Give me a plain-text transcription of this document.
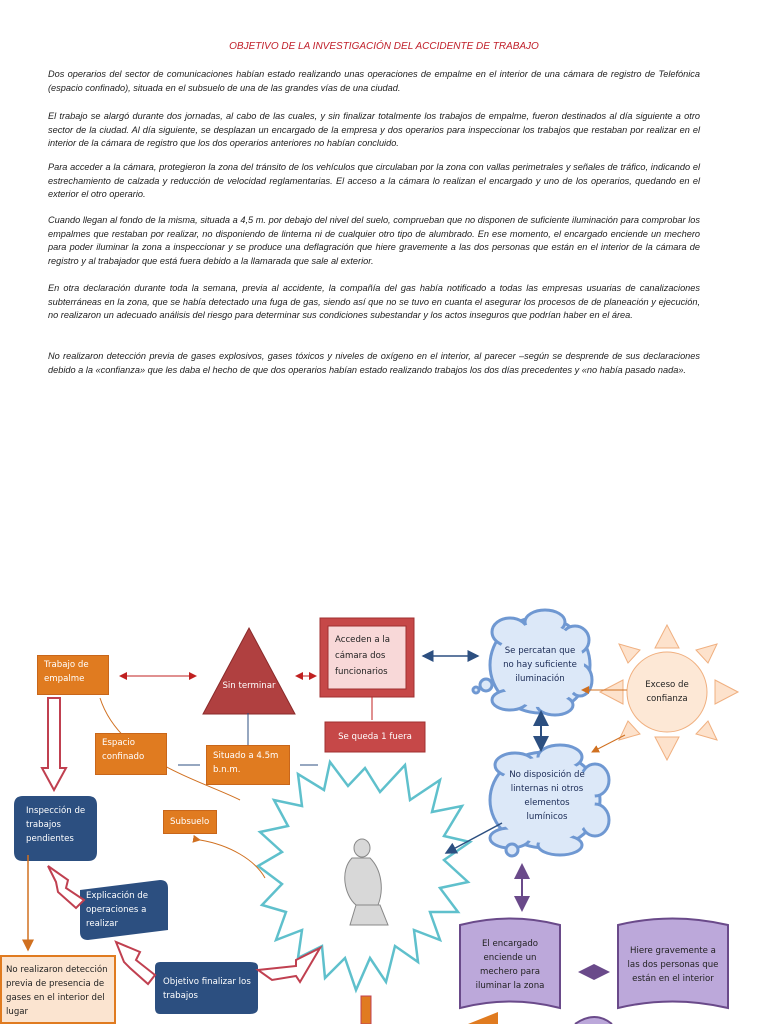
OBJETIVO DE LA INVESTIGACIÓN DEL ACCIDENTE DE TRABAJO

Dos operarios del sector de comunicaciones habían estado realizando unas operaciones de empalme en el interior de una cámara de registro de Telefónica (espacio confinado), situada en el subsuelo de una de las grandes vías de una ciudad.

El trabajo se alargó durante dos jornadas, al cabo de las cuales, y sin finalizar totalmente los trabajos de empalme, fueron destinados al día siguiente a otro sector de la ciudad. Al día siguiente, se desplazan un encargado de la empresa y dos operarios para inspeccionar los trabajos que restaban por realizar en el interior de la cámara de registro que los dos operarios anteriores no habían concluido.

Para acceder a la cámara, protegieron la zona del tránsito de los vehículos que circulaban por la zona con vallas perimetrales y señales de tráfico, indicando el estrechamiento de calzada y reducción de velocidad reglamentarias. El acceso a la cámara lo realizan el encargado y uno de los operarios, quedando en el exterior el otro operario.

Cuando llegan al fondo de la misma, situada a 4,5 m. por debajo del nivel del suelo, comprueban que no disponen de suficiente iluminación para comprobar los empalmes que restaban por realizar, no disponiendo de linterna ni de cualquier otro tipo de alumbrado. En ese momento, el encargado enciende un mechero para poder iluminar la zona a inspeccionar y se produce una deflagración que hiere gravemente a las dos personas que están en el interior de la cámara de registro y al trabajador que está fuera debido a la llamarada que sale al exterior.

En otra declaración durante toda la semana, previa al accidente, la compañía del gas había notificado a todas las empresas usuarias de canalizaciones subterráneas en la zona, que se había detectado una fuga de gas, siendo así que no se tuvo en cuanta el asegurar los procesos de de planeación y ejecución, no realizaron un adecuado análisis del riesgo para determinar sus condiciones subestandar y los actos inseguros que podrían haber en el área.

No realizaron detección previa de gases explosivos, gases tóxicos y niveles de oxígeno en el interior, al parecer –según se desprende de sus declaraciones debido a la «confianza» que les daba el hecho de que dos operarios habían estado realizando trabajos los dos días precedentes y «no había pasado nada».

Trabajo de empalme
Sin terminar
Acceden a la cámara dos funcionarios
Se queda 1 fuera
Se percatan que no hay suficiente iluminación
Exceso de confianza
Espacio confinado	Situado a 4.5m b.n.m.
Inspección de trabajos pendientes
Subsuelo
No disposición de linternas ni otros elementos lumínicos
Explicación de operaciones a realizar
No realizaron detección previa de presencia de gases en el interior del lugar
Objetivo finalizar los trabajos
El encargado enciende un mechero para iluminar la zona
Hiere gravemente a las dos personas que están en el interior
